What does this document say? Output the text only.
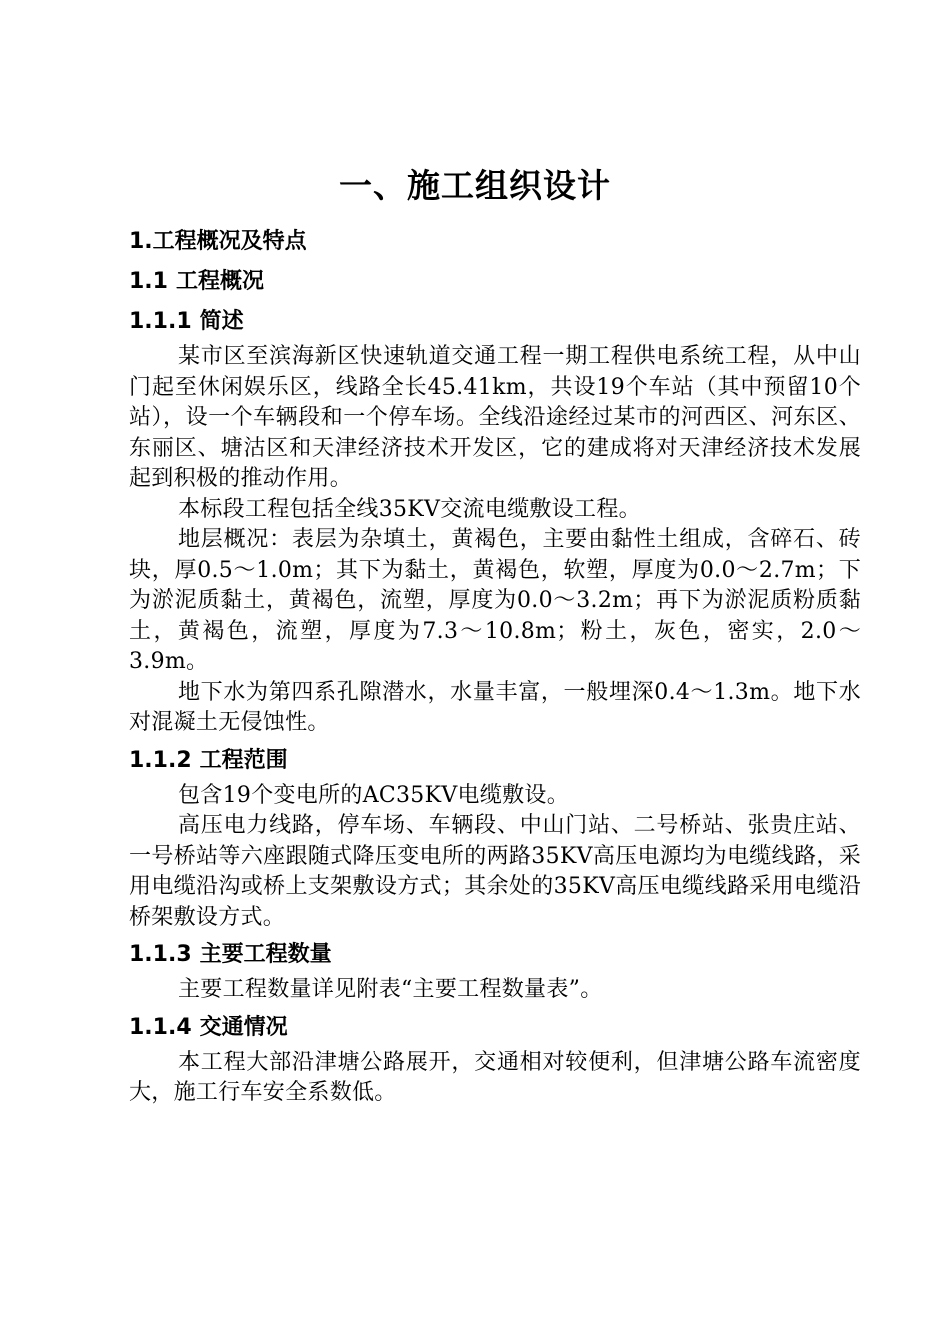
一、施工组织设计

1.工程概况及特点

1.1 工程概况

1.1.1 简述

某市区至滨海新区快速轨道交通工程一期工程供电系统工程，从中山门起至休闲娱乐区，线路全长45.41km，共设19个车站（其中预留10个站），设一个车辆段和一个停车场。全线沿途经过某市的河西区、河东区、东丽区、塘沽区和天津经济技术开发区，它的建成将对天津经济技术发展起到积极的推动作用。

本标段工程包括全线35KV交流电缆敷设工程。

地层概况：表层为杂填土，黄褐色，主要由黏性土组成，含碎石、砖块，厚0.5～1.0m；其下为黏土，黄褐色，软塑，厚度为0.0～2.7m；下为淤泥质黏土，黄褐色，流塑，厚度为0.0～3.2m；再下为淤泥质粉质黏土，黄褐色，流塑，厚度为7.3～10.8m；粉土，灰色，密实，2.0～3.9m。

地下水为第四系孔隙潜水，水量丰富，一般埋深0.4～1.3m。地下水对混凝土无侵蚀性。

1.1.2 工程范围

包含19个变电所的AC35KV电缆敷设。

高压电力线路，停车场、车辆段、中山门站、二号桥站、张贵庄站、一号桥站等六座跟随式降压变电所的两路35KV高压电源均为电缆线路，采用电缆沿沟或桥上支架敷设方式；其余处的35KV高压电缆线路采用电缆沿桥架敷设方式。

1.1.3 主要工程数量

主要工程数量详见附表“主要工程数量表”。

1.1.4 交通情况

本工程大部沿津塘公路展开，交通相对较便利，但津塘公路车流密度大，施工行车安全系数低。
